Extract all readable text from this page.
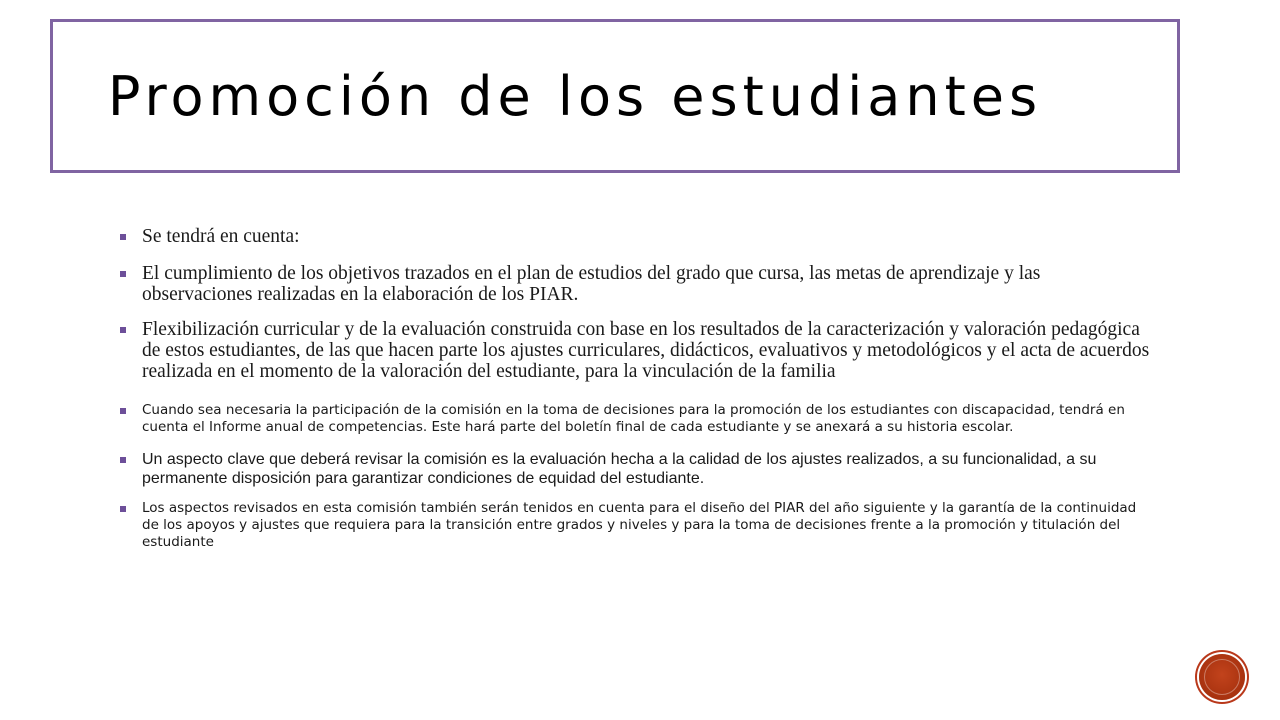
Promoción de los estudiantes
Se tendrá en cuenta:
El cumplimiento de los objetivos trazados en el plan de estudios del grado que cursa, las metas de aprendizaje y las observaciones realizadas en la elaboración de los PIAR.
Flexibilización curricular y de la evaluación construida con base en los resultados de la caracterización y valoración pedagógica de estos estudiantes, de las que hacen parte los ajustes curriculares, didácticos, evaluativos y metodológicos y el acta de acuerdos realizada en el momento de la valoración del estudiante, para la vinculación de la familia
Cuando sea necesaria la participación de la comisión en la toma de decisiones para la promoción de los estudiantes con discapacidad, tendrá en cuenta el Informe anual de competencias. Este hará parte del boletín final de cada estudiante y se anexará a su historia escolar.
Un aspecto clave que deberá revisar la comisión es la evaluación hecha a la calidad de los ajustes realizados, a su funcionalidad, a su permanente disposición para garantizar condiciones de equidad del estudiante.
Los aspectos revisados en esta comisión también serán tenidos en cuenta para el diseño del PIAR del año siguiente y la garantía de la continuidad de los apoyos y ajustes que requiera para la transición entre grados y niveles y para la toma de decisiones frente a la promoción y titulación del estudiante
